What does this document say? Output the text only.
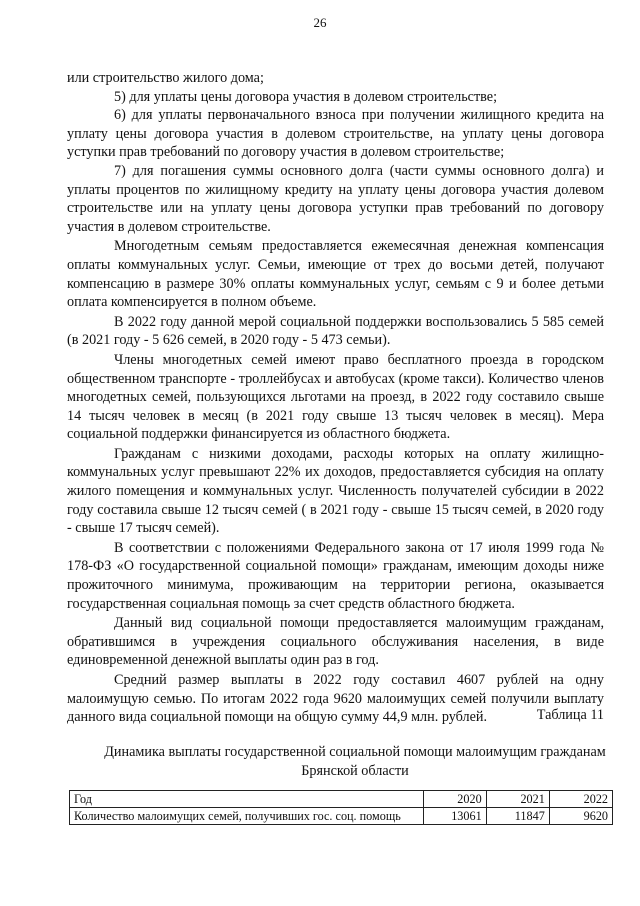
26

или строительство жилого дома;

5) для уплаты цены договора участия в долевом строительстве;

6) для уплаты первоначального взноса при получении жилищного кредита на уплату цены договора участия в долевом строительстве, на уплату цены договора уступки прав требований по договору участия в долевом строительстве;

7) для погашения суммы основного долга (части суммы основного долга) и уплаты процентов по жилищному кредиту на уплату цены договора участия долевом строительстве или на уплату цены договора уступки прав требований по договору участия в долевом строительстве.

Многодетным семьям предоставляется ежемесячная денежная компенсация оплаты коммунальных услуг. Семьи, имеющие от трех до восьми детей, получают компенсацию в размере 30% оплаты коммунальных услуг, семьям с 9 и более детьми оплата компенсируется в полном объеме.

В 2022 году данной мерой социальной поддержки воспользовались 5 585 семей (в 2021 году - 5 626 семей, в 2020 году - 5 473 семьи).

Члены многодетных семей имеют право бесплатного проезда в городском общественном транспорте - троллейбусах и автобусах (кроме такси). Количество членов многодетных семей, пользующихся льготами на проезд, в 2022 году составило свыше 14 тысяч человек в месяц (в 2021 году свыше 13 тысяч человек в месяц). Мера социальной поддержки финансируется из областного бюджета.

Гражданам с низкими доходами, расходы которых на оплату жилищно-коммунальных услуг превышают 22% их доходов, предоставляется субсидия на оплату жилого помещения и коммунальных услуг. Численность получателей субсидии в 2022 году составила свыше 12 тысяч семей ( в 2021 году - свыше 15 тысяч семей, в 2020 году - свыше 17 тысяч семей).

В соответствии с положениями Федерального закона от 17 июля 1999 года № 178-ФЗ «О государственной социальной помощи» гражданам, имеющим доходы ниже прожиточного минимума, проживающим на территории региона, оказывается государственная социальная помощь за счет средств областного бюджета.

Данный вид социальной помощи предоставляется малоимущим гражданам, обратившимся в учреждения социального обслуживания населения, в виде единовременной денежной выплаты один раз в год.

Средний размер выплаты в 2022 году составил 4607 рублей на одну малоимущую семью. По итогам 2022 года 9620 малоимущих семей получили выплату данного вида социальной помощи на общую сумму 44,9 млн. рублей.	Таблица 11
Динамика выплаты государственной социальной помощи малоимущим гражданам Брянской области
Год	2020	2021	2022
Количество малоимущих семей, получивших гос. соц. помощь	13061	11847	9620
